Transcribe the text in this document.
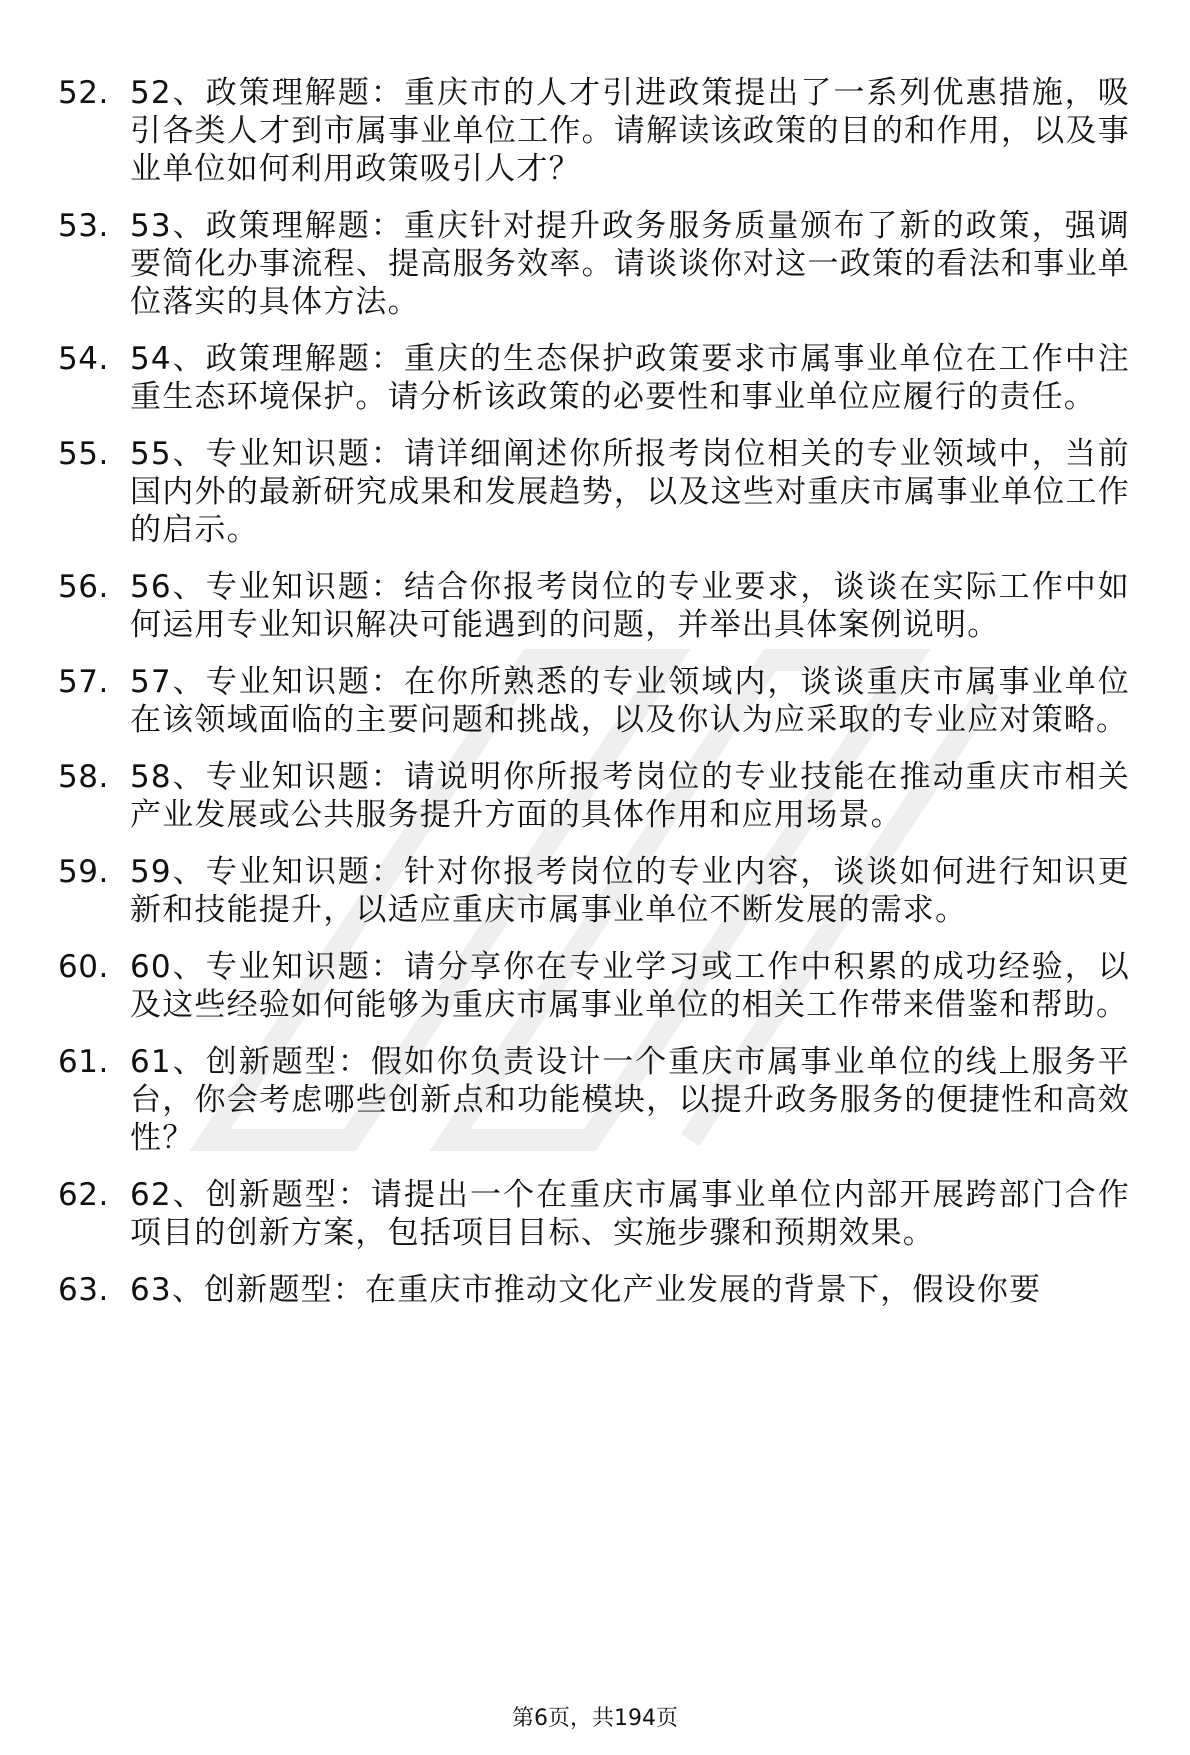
52. 52、政策理解题：重庆市的人才引进政策提出了一系列优惠措施，吸引各类人才到市属事业单位工作。请解读该政策的目的和作用，以及事业单位如何利用政策吸引人才？
53. 53、政策理解题：重庆针对提升政务服务质量颁布了新的政策，强调要简化办事流程、提高服务效率。请谈谈你对这一政策的看法和事业单位落实的具体方法。
54. 54、政策理解题：重庆的生态保护政策要求市属事业单位在工作中注重生态环境保护。请分析该政策的必要性和事业单位应履行的责任。
55. 55、专业知识题：请详细阐述你所报考岗位相关的专业领域中，当前国内外的最新研究成果和发展趋势，以及这些对重庆市属事业单位工作的启示。
56. 56、专业知识题：结合你报考岗位的专业要求，谈谈在实际工作中如何运用专业知识解决可能遇到的问题，并举出具体案例说明。
57. 57、专业知识题：在你所熟悉的专业领域内，谈谈重庆市属事业单位在该领域面临的主要问题和挑战，以及你认为应采取的专业应对策略。
58. 58、专业知识题：请说明你所报考岗位的专业技能在推动重庆市相关产业发展或公共服务提升方面的具体作用和应用场景。
59. 59、专业知识题：针对你报考岗位的专业内容，谈谈如何进行知识更新和技能提升，以适应重庆市属事业单位不断发展的需求。
60. 60、专业知识题：请分享你在专业学习或工作中积累的成功经验，以及这些经验如何能够为重庆市属事业单位的相关工作带来借鉴和帮助。
61. 61、创新题型：假如你负责设计一个重庆市属事业单位的线上服务平台，你会考虑哪些创新点和功能模块，以提升政务服务的便捷性和高效性？
62. 62、创新题型：请提出一个在重庆市属事业单位内部开展跨部门合作项目的创新方案，包括项目目标、实施步骤和预期效果。
63. 63、创新题型：在重庆市推动文化产业发展的背景下，假设你要
第6页，共194页
